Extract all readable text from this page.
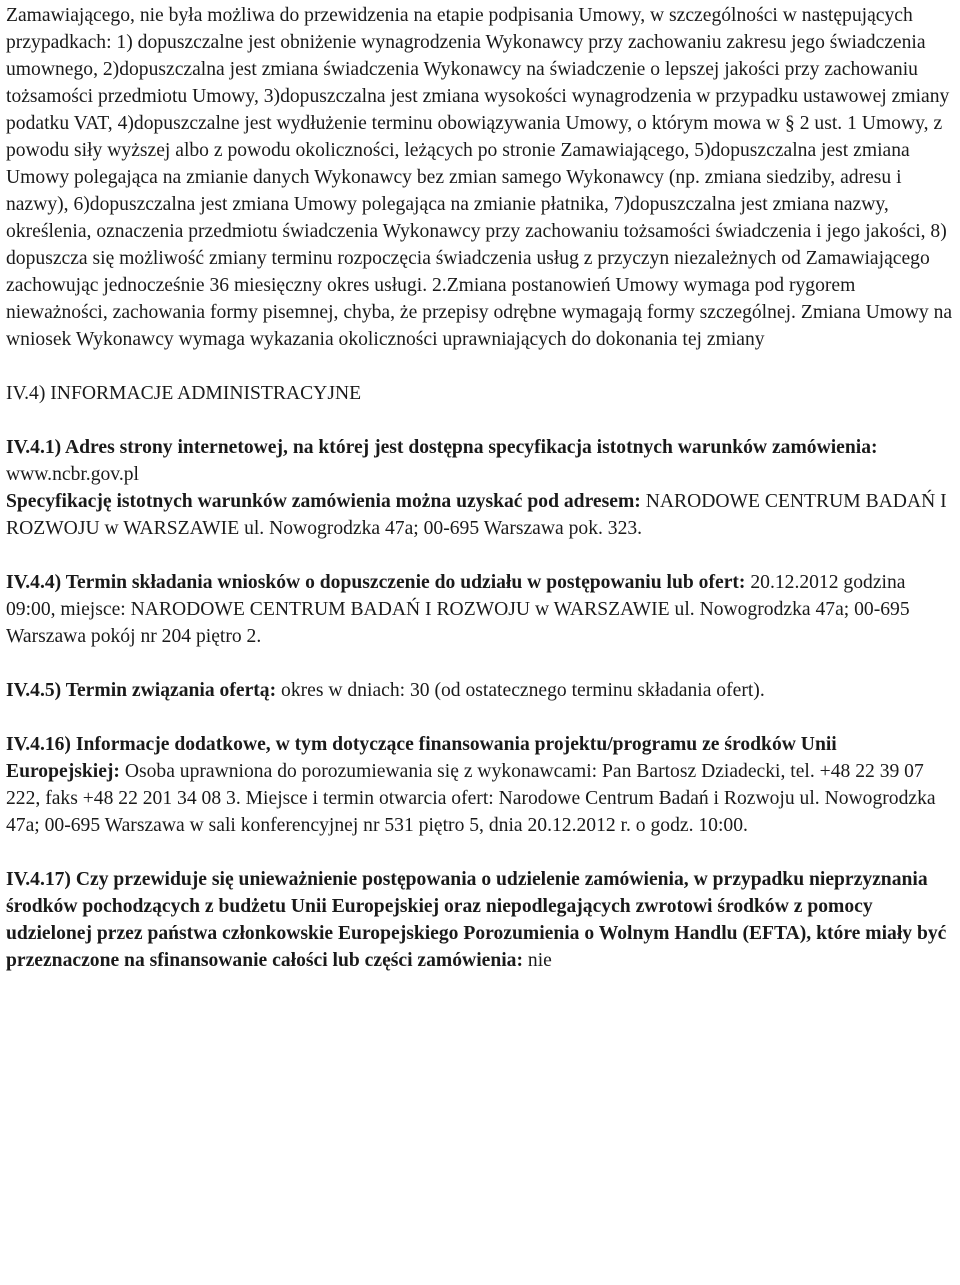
Zamawiającego, nie była możliwa do przewidzenia na etapie podpisania Umowy, w szczególności w następujących przypadkach: 1) dopuszczalne jest obniżenie wynagrodzenia Wykonawcy przy zachowaniu zakresu jego świadczenia umownego, 2)dopuszczalna jest zmiana świadczenia Wykonawcy na świadczenie o lepszej jakości przy zachowaniu tożsamości przedmiotu Umowy, 3)dopuszczalna jest zmiana wysokości wynagrodzenia w przypadku ustawowej zmiany podatku VAT, 4)dopuszczalne jest wydłużenie terminu obowiązywania Umowy, o którym mowa w § 2 ust. 1 Umowy, z powodu siły wyższej albo z powodu okoliczności, leżących po stronie Zamawiającego, 5)dopuszczalna jest zmiana Umowy polegająca na zmianie danych Wykonawcy bez zmian samego Wykonawcy (np. zmiana siedziby, adresu i nazwy), 6)dopuszczalna jest zmiana Umowy polegająca na zmianie płatnika, 7)dopuszczalna jest zmiana nazwy, określenia, oznaczenia przedmiotu świadczenia Wykonawcy przy zachowaniu tożsamości świadczenia i jego jakości, 8) dopuszcza się możliwość zmiany terminu rozpoczęcia świadczenia usług z przyczyn niezależnych od Zamawiającego zachowując jednocześnie 36 miesięczny okres usługi. 2.Zmiana postanowień Umowy wymaga pod rygorem nieważności, zachowania formy pisemnej, chyba, że przepisy odrębne wymagają formy szczególnej. Zmiana Umowy na wniosek Wykonawcy wymaga wykazania okoliczności uprawniających do dokonania tej zmiany

IV.4) INFORMACJE ADMINISTRACYJNE

IV.4.1) Adres strony internetowej, na której jest dostępna specyfikacja istotnych warunków zamówienia: www.ncbr.gov.pl

Specyfikację istotnych warunków zamówienia można uzyskać pod adresem: NARODOWE CENTRUM BADAŃ I ROZWOJU w WARSZAWIE ul. Nowogrodzka 47a; 00-695 Warszawa pok. 323.

IV.4.4) Termin składania wniosków o dopuszczenie do udziału w postępowaniu lub ofert: 20.12.2012 godzina 09:00, miejsce: NARODOWE CENTRUM BADAŃ I ROZWOJU w WARSZAWIE ul. Nowogrodzka 47a; 00-695 Warszawa pokój nr 204 piętro 2.

IV.4.5) Termin związania ofertą: okres w dniach: 30 (od ostatecznego terminu składania ofert).

IV.4.16) Informacje dodatkowe, w tym dotyczące finansowania projektu/programu ze środków Unii Europejskiej: Osoba uprawniona do porozumiewania się z wykonawcami: Pan Bartosz Dziadecki, tel. +48 22 39 07 222, faks +48 22 201 34 08 3. Miejsce i termin otwarcia ofert: Narodowe Centrum Badań i Rozwoju ul. Nowogrodzka 47a; 00-695 Warszawa w sali konferencyjnej nr 531 piętro 5, dnia 20.12.2012 r. o godz. 10:00.

IV.4.17) Czy przewiduje się unieważnienie postępowania o udzielenie zamówienia, w przypadku nieprzyznania środków pochodzących z budżetu Unii Europejskiej oraz niepodlegających zwrotowi środków z pomocy udzielonej przez państwa członkowskie Europejskiego Porozumienia o Wolnym Handlu (EFTA), które miały być przeznaczone na sfinansowanie całości lub części zamówienia: nie
